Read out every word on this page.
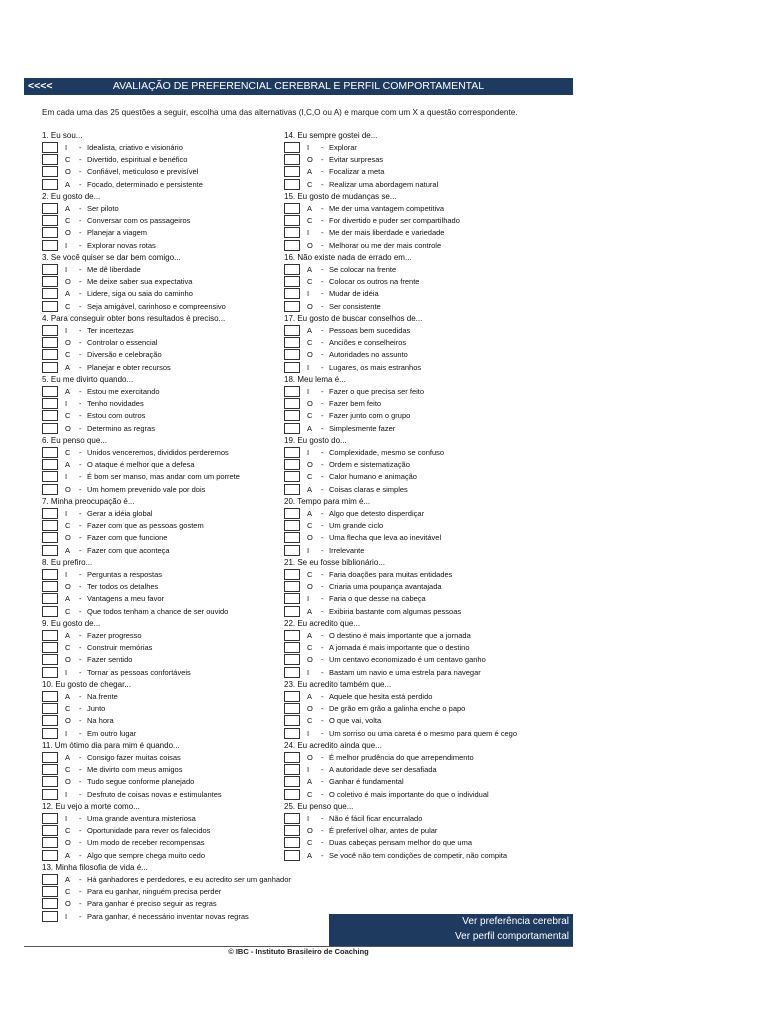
AVALIAÇÃO DE PREFERENCIAL CEREBRAL E PERFIL COMPORTAMENTAL
<<<<
Em cada uma das 25 questões a seguir, escolha uma das alternativas (I,C,O ou A) e marque com um X a questão correspondente.
1. Eu sou...
I	- Idealista, criativo e visionário
C	- Divertido, espiritual e benéfico
O	- Confiável, meticuloso e previsível
A	- Focado, determinado e persistente
2. Eu gosto de...
A	- Ser piloto
C	- Conversar com os passageiros
O	- Planejar a viagem
I	- Explorar novas rotas
3. Se você quiser se dar bem comigo...
I	- Me dê liberdade
O	- Me deixe saber sua expectativa
A	- Lidere, siga ou saia do caminho
C	- Seja amigável, carinhoso e compreensivo
4. Para conseguir obter bons resultados é preciso...
I	- Ter incertezas
O	- Controlar o essencial
C	- Diversão e celebração
A	- Planejar e obter recursos
5. Eu me divirto quando...
A	- Estou me exercitando
I	- Tenho novidades
C	- Estou com outros
O	- Determino as regras
6. Eu penso que...
C	- Unidos venceremos, divididos perderemos
A	- O ataque é melhor que a defesa
I	- É bom ser manso, mas andar com um porrete
O	- Um homem prevenido vale por dois
7. Minha preocupação é...
I	- Gerar a idéia global
C	- Fazer com que as pessoas gostem
O	- Fazer com que funcione
A	- Fazer com que aconteça
8. Eu prefiro...
I	- Perguntas a respostas
O	- Ter todos os detalhes
A	- Vantagens a meu favor
C	- Que todos tenham a chance de ser ouvido
9. Eu gosto de...
A	- Fazer progresso
C	- Construir memórias
O	- Fazer sentido
I	- Tornar as pessoas confortáveis
10. Eu gosto de chegar...
A	- Na frente
C	- Junto
O	- Na hora
I	- Em outro lugar
11. Um ótimo dia para mim é quando...
A	- Consigo fazer muitas coisas
C	- Me divirto com meus amigos
O	- Tudo segue conforme planejado
I	- Desfruto de coisas novas e estimulantes
12. Eu vejo a morte como...
I	- Uma grande aventura misteriosa
C	- Oportunidade para rever os falecidos
O	- Um modo de receber recompensas
A	- Algo que sempre chega muito cedo
13. Minha filosofia de vida é...
A	- Há ganhadores e perdedores, e eu acredito ser um ganhador
C	- Para eu ganhar, ninguém precisa perder
O	- Para ganhar é preciso seguir as regras
I	- Para ganhar, é necessário inventar novas regras
14. Eu sempre gostei de...
I	- Explorar
O	- Evitar surpresas
A	- Focalizar a meta
C	- Realizar uma abordagem natural
15. Eu gosto de mudanças se...
A	- Me der uma vantagem competitiva
C	- For divertido e puder ser compartilhado
I	- Me der mais liberdade e variedade
O	- Melhorar ou me der mais controle
16. Não existe nada de errado em...
A	- Se colocar na frente
C	- Colocar os outros na frente
I	- Mudar de idéia
O	- Ser consistente
17. Eu gosto de buscar conselhos de...
A	- Pessoas bem sucedidas
C	- Anciões e conselheiros
O	- Autoridades no assunto
I	- Lugares, os mais estranhos
18. Meu lema é...
I	- Fazer o que precisa ser feito
O	- Fazer bem feito
C	- Fazer junto com o grupo
A	- Simplesmente fazer
19. Eu gosto do...
I	- Complexidade, mesmo se confuso
O	- Ordem e sistematização
C	- Calor humano e animação
A	- Coisas claras e simples
20. Tempo para mim é...
A	- Algo que detesto disperdiçar
C	- Um grande ciclo
O	- Uma flecha que leva ao inevitável
I	- Irrelevante
21. Se eu fosse biblionário...
C	- Faria doações para muitas entidades
O	- Criaria uma poupança avantajada
I	- Faria o que desse na cabeça
A	- Exibiria bastante com algumas pessoas
22. Eu acredito que...
A	- O destino é mais importante que a jornada
C	- A jornada é mais importante que o destino
O	- Um centavo economizado é um centavo ganho
I	- Bastam um navio e uma estrela para navegar
23. Eu acredito também que...
A	- Aquele que hesita está perdido
O	- De grão em grão a galinha enche o papo
C	- O que vai, volta
I	- Um sorriso ou uma careta é o mesmo para quem é cego
24. Eu acredito ainda que...
O	- É melhor prudência do que arrependimento
I	- A autoridade deve ser desafiada
A	- Ganhar é fundamental
C	- O coletivo é mais importante do que o individual
25. Eu penso que...
I	- Não é fácil ficar encurralado
O	- É preferível olhar, antes de pular
C	- Duas cabeças pensam melhor do que uma
A	- Se você não tem condições de competir, não compita
Ver preferência cerebral
Ver perfil comportamental
© IBC - Instituto Brasileiro de Coaching
